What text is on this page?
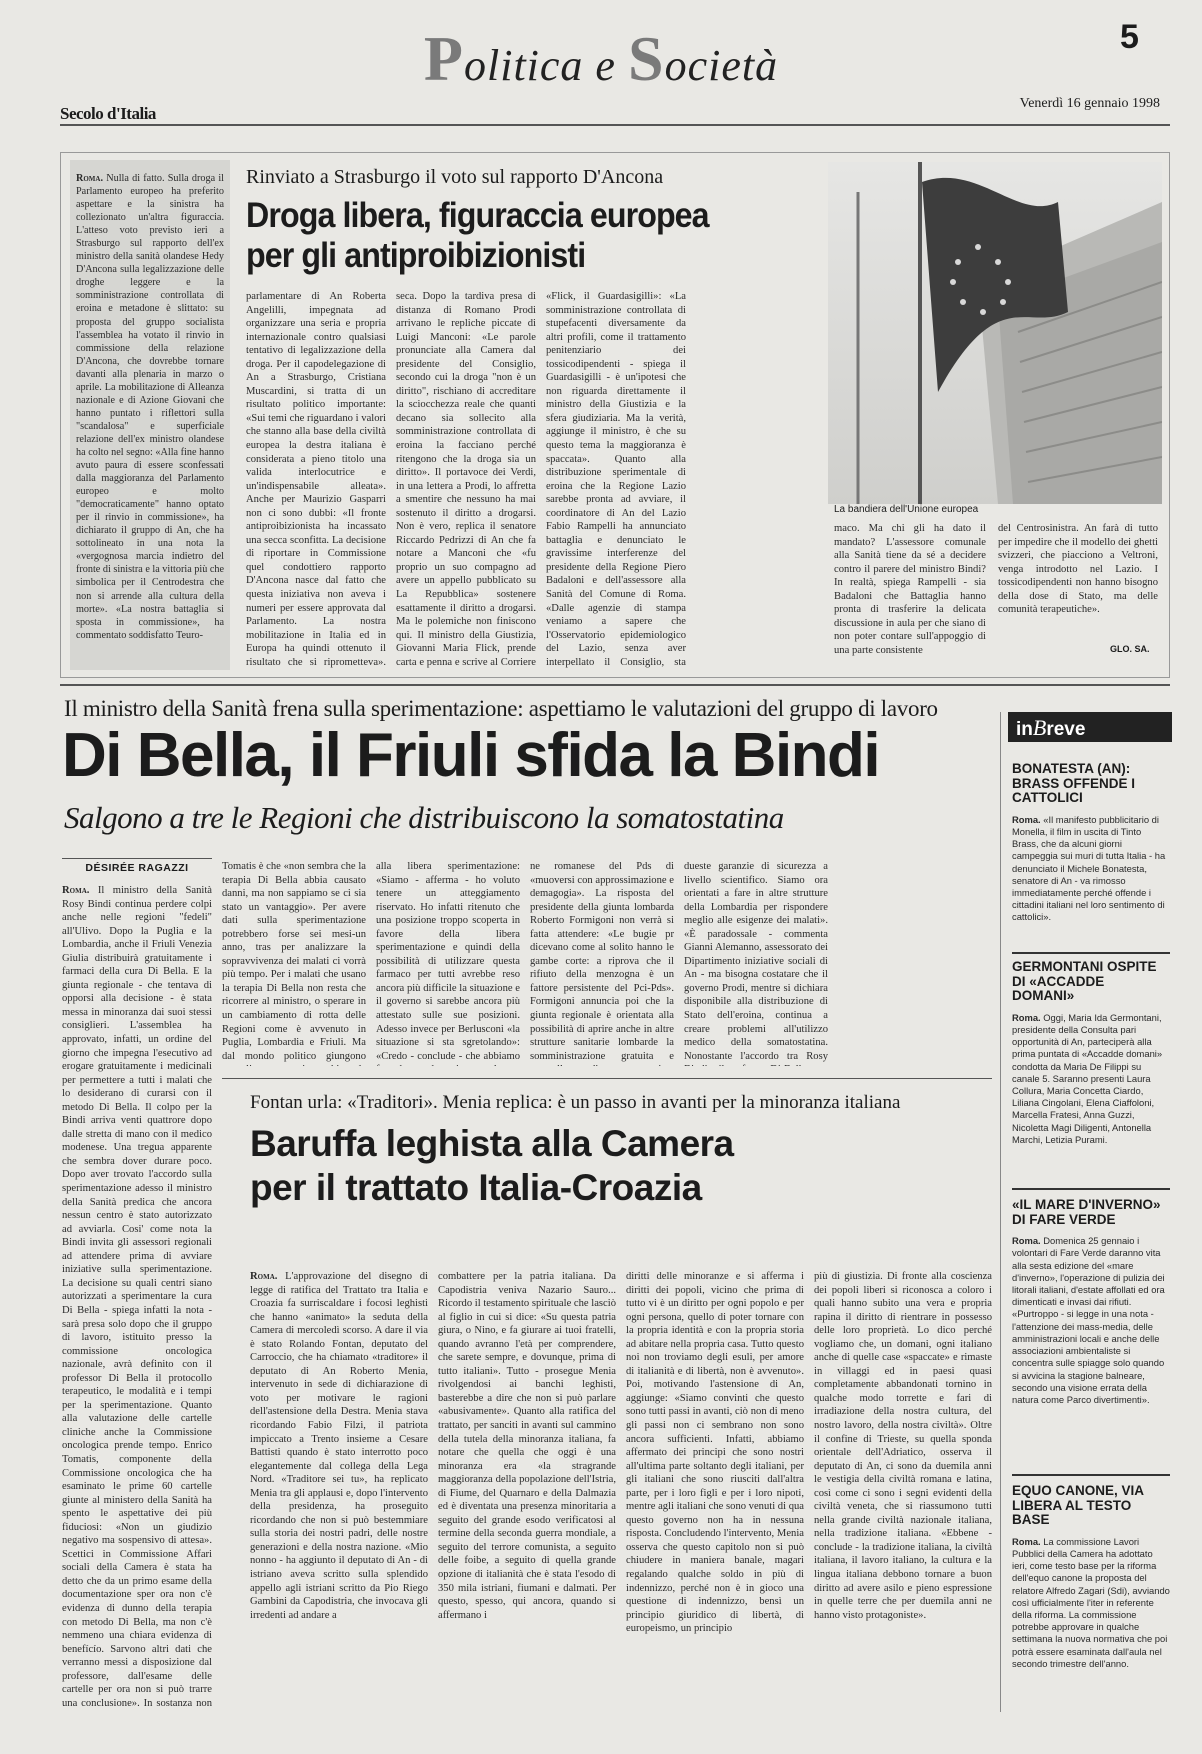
Politica e Società
5
Secolo d'Italia
Venerdì 16 gennaio 1998
Roma. Nulla di fatto. Sulla droga il Parlamento europeo ha preferito aspettare e la sinistra ha collezionato un'altra figuraccia. L'atteso voto previsto ieri a Strasburgo sul rapporto dell'ex ministro della sanità olandese Hedy D'Ancona sulla legalizzazione delle droghe leggere e la somministrazione controllata di eroina e metadone è slittato: su proposta del gruppo socialista l'assemblea ha votato il rinvio in commissione della relazione D'Ancona, che dovrebbe tornare davanti alla plenaria in marzo o aprile. La mobilitazione di Alleanza nazionale e di Azione Giovani che hanno puntato i riflettori sulla "scandalosa" e superficiale relazione dell'ex ministro olandese ha colto nel segno: «Alla fine hanno avuto paura di essere sconfessati dalla maggioranza del Parlamento europeo e molto "democraticamente" hanno optato per il rinvio in commissione», ha dichiarato il gruppo di An, che ha sottolineato in una nota la «vergognosa marcia indietro del fronte di sinistra e la vittoria più che simbolica per il Centrodestra che non si arrende alla cultura della morte». «La nostra battaglia si sposta in commissione», ha commentato soddisfatto Teuro-
Rinviato a Strasburgo il voto sul rapporto D'Ancona
Droga libera, figuraccia europea
per gli antiproibizionisti
parlamentare di An Roberta Angelilli, impegnata ad organizzare una seria e propria internazionale contro qualsiasi tentativo di legalizzazione della droga. Per il capodelegazione di An a Strasburgo, Cristiana Muscardini, si tratta di un risultato politico importante: «Sui temi che riguardano i valori che stanno alla base della civiltà europea la destra italiana è considerata a pieno titolo una valida interlocutrice e un'indispensabile alleata». Anche per Maurizio Gasparri non ci sono dubbi: «Il fronte antiproibizionista ha incassato una secca sconfitta. La decisione di riportare in Commissione quel condottiero rapporto D'Ancona nasce dal fatto che questa iniziativa non aveva i numeri per essere approvata dal Parlamento. La nostra mobilitazione in Italia ed in Europa ha quindi ottenuto il risultato che si riprometteva».
seca. Dopo la tardiva presa di distanza di Romano Prodi arrivano le repliche piccate di Luigi Manconi: «Le parole pronunciate alla Camera dal presidente del Consiglio, secondo cui la droga "non è un diritto", rischiano di accreditare la sciocchezza reale che quanti decano sia sollecito alla somministrazione controllata di eroina la facciano perché ritengono che la droga sia un diritto». Il portavoce dei Verdi, in una lettera a Prodi, lo affretta a smentire che nessuno ha mai sostenuto il diritto a drogarsi. Non è vero, replica il senatore Riccardo Pedrizzi di An che fa notare a Manconi che «fu proprio un suo compagno ad avere un appello pubblicato su La Repubblica» sostenere esattamente il diritto a drogarsi. Ma le polemiche non finiscono qui. Il ministro della Giustizia, Giovanni Maria Flick, prende carta e penna e scrive al Corriere
«Flick, il Guardasigilli»: «La somministrazione controllata di stupefacenti diversamente da altri profili, come il trattamento penitenziario dei tossicodipendenti - spiega il Guardasigilli - è un'ipotesi che non riguarda direttamente il ministro della Giustizia e la sfera giudiziaria. Ma la verità, aggiunge il ministro, è che su questo tema la maggioranza è spaccata». Quanto alla distribuzione sperimentale di eroina che la Regione Lazio sarebbe pronta ad avviare, il coordinatore di An del Lazio Fabio Rampelli ha annunciato battaglia e denunciato le gravissime interferenze del presidente della Regione Piero Badaloni e dell'assessore alla Sanità del Comune di Roma. «Dalle agenzie di stampa veniamo a sapere che l'Osservatorio epidemiologico del Lazio, senza aver interpellato il Consiglio, sta
maco. Ma chi gli ha dato il mandato? L'assessore comunale alla Sanità tiene da sé a decidere contro il parere del ministro Bindi? In realtà, spiega Rampelli - sia Badaloni che Battaglia hanno pronta di trasferire la delicata discussione in aula per che siano di non poter contare sull'appoggio di una parte consistente
del Centrosinistra. An farà di tutto per impedire che il modello dei ghetti svizzeri, che piacciono a Veltroni, venga introdotto nel Lazio. I tossicodipendenti non hanno bisogno della dose di Stato, ma delle comunità terapeutiche».
GLO. SA.
La bandiera dell'Unione europea
Il ministro della Sanità frena sulla sperimentazione: aspettiamo le valutazioni del gruppo di lavoro
Di Bella, il Friuli sfida la Bindi
Salgono a tre le Regioni che distribuiscono la somatostatina
DÉSIRÉE RAGAZZI
Roma. Il ministro della Sanità Rosy Bindi continua perdere colpi anche nelle regioni "fedeli" all'Ulivo. Dopo la Puglia e la Lombardia, anche il Friuli Venezia Giulia distribuirà gratuitamente i farmaci della cura Di Bella. E la giunta regionale - che tentava di opporsi alla decisione - è stata messa in minoranza dai suoi stessi consiglieri. L'assemblea ha approvato, infatti, un ordine del giorno che impegna l'esecutivo ad erogare gratuitamente i medicinali per permettere a tutti i malati che lo desiderano di curarsi con il metodo Di Bella. Il colpo per la Bindi arriva venti quattrore dopo dalle stretta di mano con il medico modenese. Una tregua apparente che sembra dover durare poco. Dopo aver trovato l'accordo sulla sperimentazione adesso il ministro della Sanità predica che ancora nessun centro è stato autorizzato ad avviarla. Cosi' come nota la Bindi invita gli assessori regionali ad attendere prima di avviare iniziative sulla sperimentazione. La decisione su quali centri siano autorizzati a sperimentare la cura Di Bella - spiega infatti la nota - sarà presa solo dopo che il gruppo di lavoro, istituito presso la commissione oncologica nazionale, avrà definito con il professor Di Bella il protocollo terapeutico, le modalità e i tempi per la sperimentazione. Quanto alla valutazione delle cartelle cliniche anche la Commissione oncologica prende tempo. Enrico Tomatis, componente della Commissione oncologica che ha esaminato le prime 60 cartelle giunte al ministero della Sanità ha spento le aspettative dei più fiduciosi: «Non un giudizio negativo ma sospensivo di attesa». Scettici in Commissione Affari sociali della Camera è stata ha detto che da un primo esame della documentazione sper ora non c'è evidenza di dunno della terapia con metodo Di Bella, ma non c'è nemmeno una chiara evidenza di benefícío. Sarvono altri dati che verranno messi a disposizione dal professore, dall'esame delle cartelle per ora non si può trarre una conclusione». In sostanza non
Tomatis è che «non sembra che la terapia Di Bella abbia causato danni, ma non sappiamo se ci sia stato un vantaggio». Per avere dati sulla sperimentazione potrebbero forse sei mesi-un anno, tras per analizzare la sopravvivenza dei malati ci vorrà più tempo. Per i malati che usano la terapia Di Bella non resta che ricorrere al ministro, o sperare in un cambiamento di rotta delle Regioni come è avvenuto in Puglia, Lombardia e Friuli. Ma dal mondo politico giungono
alla libera sperimentazione: «Siamo - afferma - ho voluto tenere un atteggiamento riservato. Ho infatti ritenuto che una posizione troppo scoperta in favore della libera sperimentazione e quindi della possibilità di utilizzare questa farmaco per tutti avrebbe reso ancora più difficile la situazione e il governo si sarebbe ancora più attestato sulle sue posizioni. Adesso invece per Berlusconi «la situazione si sta sgretolando»: «Credo - conclude - che abbiamo
ne romanese del Pds di «muoversi con approssimazione e demagogia». La risposta del presidente della giunta lombarda Roberto Formigoni non verrà si fatta attendere: «Le bugie pr dicevano come al solito hanno le gambe corte: a riprova che il rifiuto della menzogna è un fattore persistente del Pci-Pds». Formigoni annuncia poi che la giunta regionale è orientata alla possibilità di aprire anche in altre strutture sanitarie lombarde la somministrazione gratuita e
dueste garanzie di sicurezza a livello scientifico. Siamo ora orientati a fare in altre strutture della Lombardia per rispondere meglio alle esigenze dei malati». «È paradossale - commenta Gianni Alemanno, assessorato dei Dipartimento iniziative sociali di An - ma bisogna costatare che il governo Prodi, mentre si dichiara disponibile alla distribuzione di Stato dell'eroina, continua a creare problemi all'utilizzo medico della somatostatina. Nonostante l'accordo tra Rosy
Fontan urla: «Traditori». Menia replica: è un passo in avanti per la minoranza italiana
Baruffa leghista alla Camera
per il trattato Italia-Croazia
Roma. L'approvazione del disegno di legge di ratifica del Trattato tra Italia e Croazia fa surriscaldare i focosi leghisti che hanno «animato» la seduta della Camera di mercoledì scorso. A dare il via è stato Rolando Fontan, deputato del Carroccio, che ha chiamato «traditore» il deputato di An Roberto Menia, intervenuto in sede di dichiarazione di voto per motivare le ragioni dell'astensione della Destra. Menia stava ricordando Fabio Filzi, il patriota impiccato a Trento insieme a Cesare Battisti quando è stato interrotto poco elegantemente dal collega della Lega Nord. «Traditore sei tu», ha replicato Menia tra gli applausi e, dopo l'intervento della presidenza, ha proseguito ricordando che non si può bestemmiare sulla storia dei nostri padri, delle nostre generazioni e della nostra nazione. «Mio nonno - ha aggiunto il deputato di An - di istriano aveva scritto sulla splendido appello agli istriani scritto da Pio Riego Gambini da Capodistria, che invocava gli irredenti ad andare a
combattere per la patria italiana. Da Capodistria veniva Nazario Sauro... Ricordo il testamento spirituale che lasciò al figlio in cui si dice: «Su questa patria giura, o Nino, e fa giurare ai tuoi fratelli, quando avranno l'età per comprendere, che sarete sempre, e dovunque, prima di tutto italiani». Tutto - prosegue Menia rivolgendosi ai banchi leghisti, basterebbe a dire che non si può parlare «abusivamente». Quanto alla ratifica del trattato, per sanciti in avanti sul cammino della tutela della minoranza italiana, fa notare che quella che oggi è una minoranza era «la stragrande maggioranza della popolazione dell'Istria, di Fiume, del Quarnaro e della Dalmazia ed è diventata una presenza minoritaria a seguito del grande esodo verificatosi al termine della seconda guerra mondiale, a seguito del terrore comunista, a seguito delle foibe, a seguito di quella grande opzione di italianità che è stata l'esodo di 350 mila istriani, fiumani e dalmati. Per questo, spesso, qui ancora, quando si affermano i
diritti delle minoranze e si afferma i diritti dei popoli, vicino che prima di tutto vi è un diritto per ogni popolo e per ogni persona, quello di poter tornare con la propria identità e con la propria storia ad abitare nella propria casa. Tutto questo noi non troviamo degli esuli, per amore di italianità e di libertà, non è avvenuto». Poi, motivando l'astensione di An, aggiunge: «Siamo convinti che questo sono tutti passi in avanti, ciò non di meno gli passi non ci sembrano non sono ancora sufficienti. Infatti, abbiamo affermato dei principi che sono nostri all'ultima parte soltanto degli italiani, per gli italiani che sono riusciti dall'altra parte, per i loro figli e per i loro nipoti, mentre agli italiani che sono venuti di qua questo governo non ha in nessuna risposta. Concludendo l'intervento, Menia osserva che questo capitolo non si può chiudere in maniera banale, magari regalando qualche soldo in più di indennizzo, perché non è in gioco una questione di indennizzo, bensì un principio giuridico di libertà, di europeismo, un principio
più di giustizia. Di fronte alla coscienza dei popoli liberi si riconosca a coloro i quali hanno subito una vera e propria rapina il diritto di rientrare in possesso delle loro proprietà. Lo dico perché vogliamo che, un domani, ogni italiano anche di quelle case «spaccate» e rimaste in villaggi ed in paesi quasi completamente abbandonati tornino in qualche modo torrette e fari di irradiazione della nostra cultura, del nostro lavoro, della nostra civiltà». Oltre il confine di Trieste, su quella sponda orientale dell'Adriatico, osserva il deputato di An, ci sono da duemila anni le vestigia della civiltà romana e latina, così come ci sono i segni evidenti della civiltà veneta, che si riassumono tutti nella grande civiltà nazionale italiana, nella tradizione italiana. «Ebbene - conclude - la tradizione italiana, la civiltà italiana, il lavoro italiano, la cultura e la lingua italiana debbono tornare a buon diritto ad avere asilo e pieno espressione in quelle terre che per duemila anni ne hanno visto protagoniste».
inBreve
BONATESTA (AN): BRASS OFFENDE I CATTOLICI
Roma. «Il manifesto pubblicitario di Monella, il film in uscita di Tinto Brass, che da alcuni giorni campeggia sui muri di tutta Italia - ha denunciato il Michele Bonatesta, senatore di An - va rimosso immediatamente perché offende i cittadini italiani nel loro sentimento di cattolici».
GERMONTANI OSPITE DI «ACCADDE DOMANI»
Roma. Oggi, Maria Ida Germontani, presidente della Consulta pari opportunità di An, parteciperà alla prima puntata di «Accadde domani» condotta da Maria De Filippi su canale 5. Saranno presenti Laura Collura, Maria Concetta Ciardo, Liliana Cingolani, Elena Ciaffoloni, Marcella Fratesi, Anna Guzzi, Nicoletta Magi Diligenti, Antonella Marchi, Letizia Purami.
«IL MARE D'INVERNO» DI FARE VERDE
Roma. Domenica 25 gennaio i volontari di Fare Verde daranno vita alla sesta edizione del «mare d'inverno», l'operazione di pulizia dei litorali italiani, d'estate affollati ed ora dimenticati e invasi dai rifiuti. «Purtroppo - si legge in una nota - l'attenzione dei mass-media, delle amministrazioni locali e anche delle associazioni ambientaliste si concentra sulle spiagge solo quando si avvicina la stagione balneare, secondo una visione errata della natura come Parco divertimenti».
EQUO CANONE, VIA LIBERA AL TESTO BASE
Roma. La commissione Lavori Pubblici della Camera ha adottato ieri, come testo base per la riforma dell'equo canone la proposta del relatore Alfredo Zagari (Sdi), avviando così ufficialmente l'iter in referente della riforma. La commissione potrebbe approvare in qualche settimana la nuova normativa che poi potrà essere esaminata dall'aula nel secondo trimestre dell'anno.
